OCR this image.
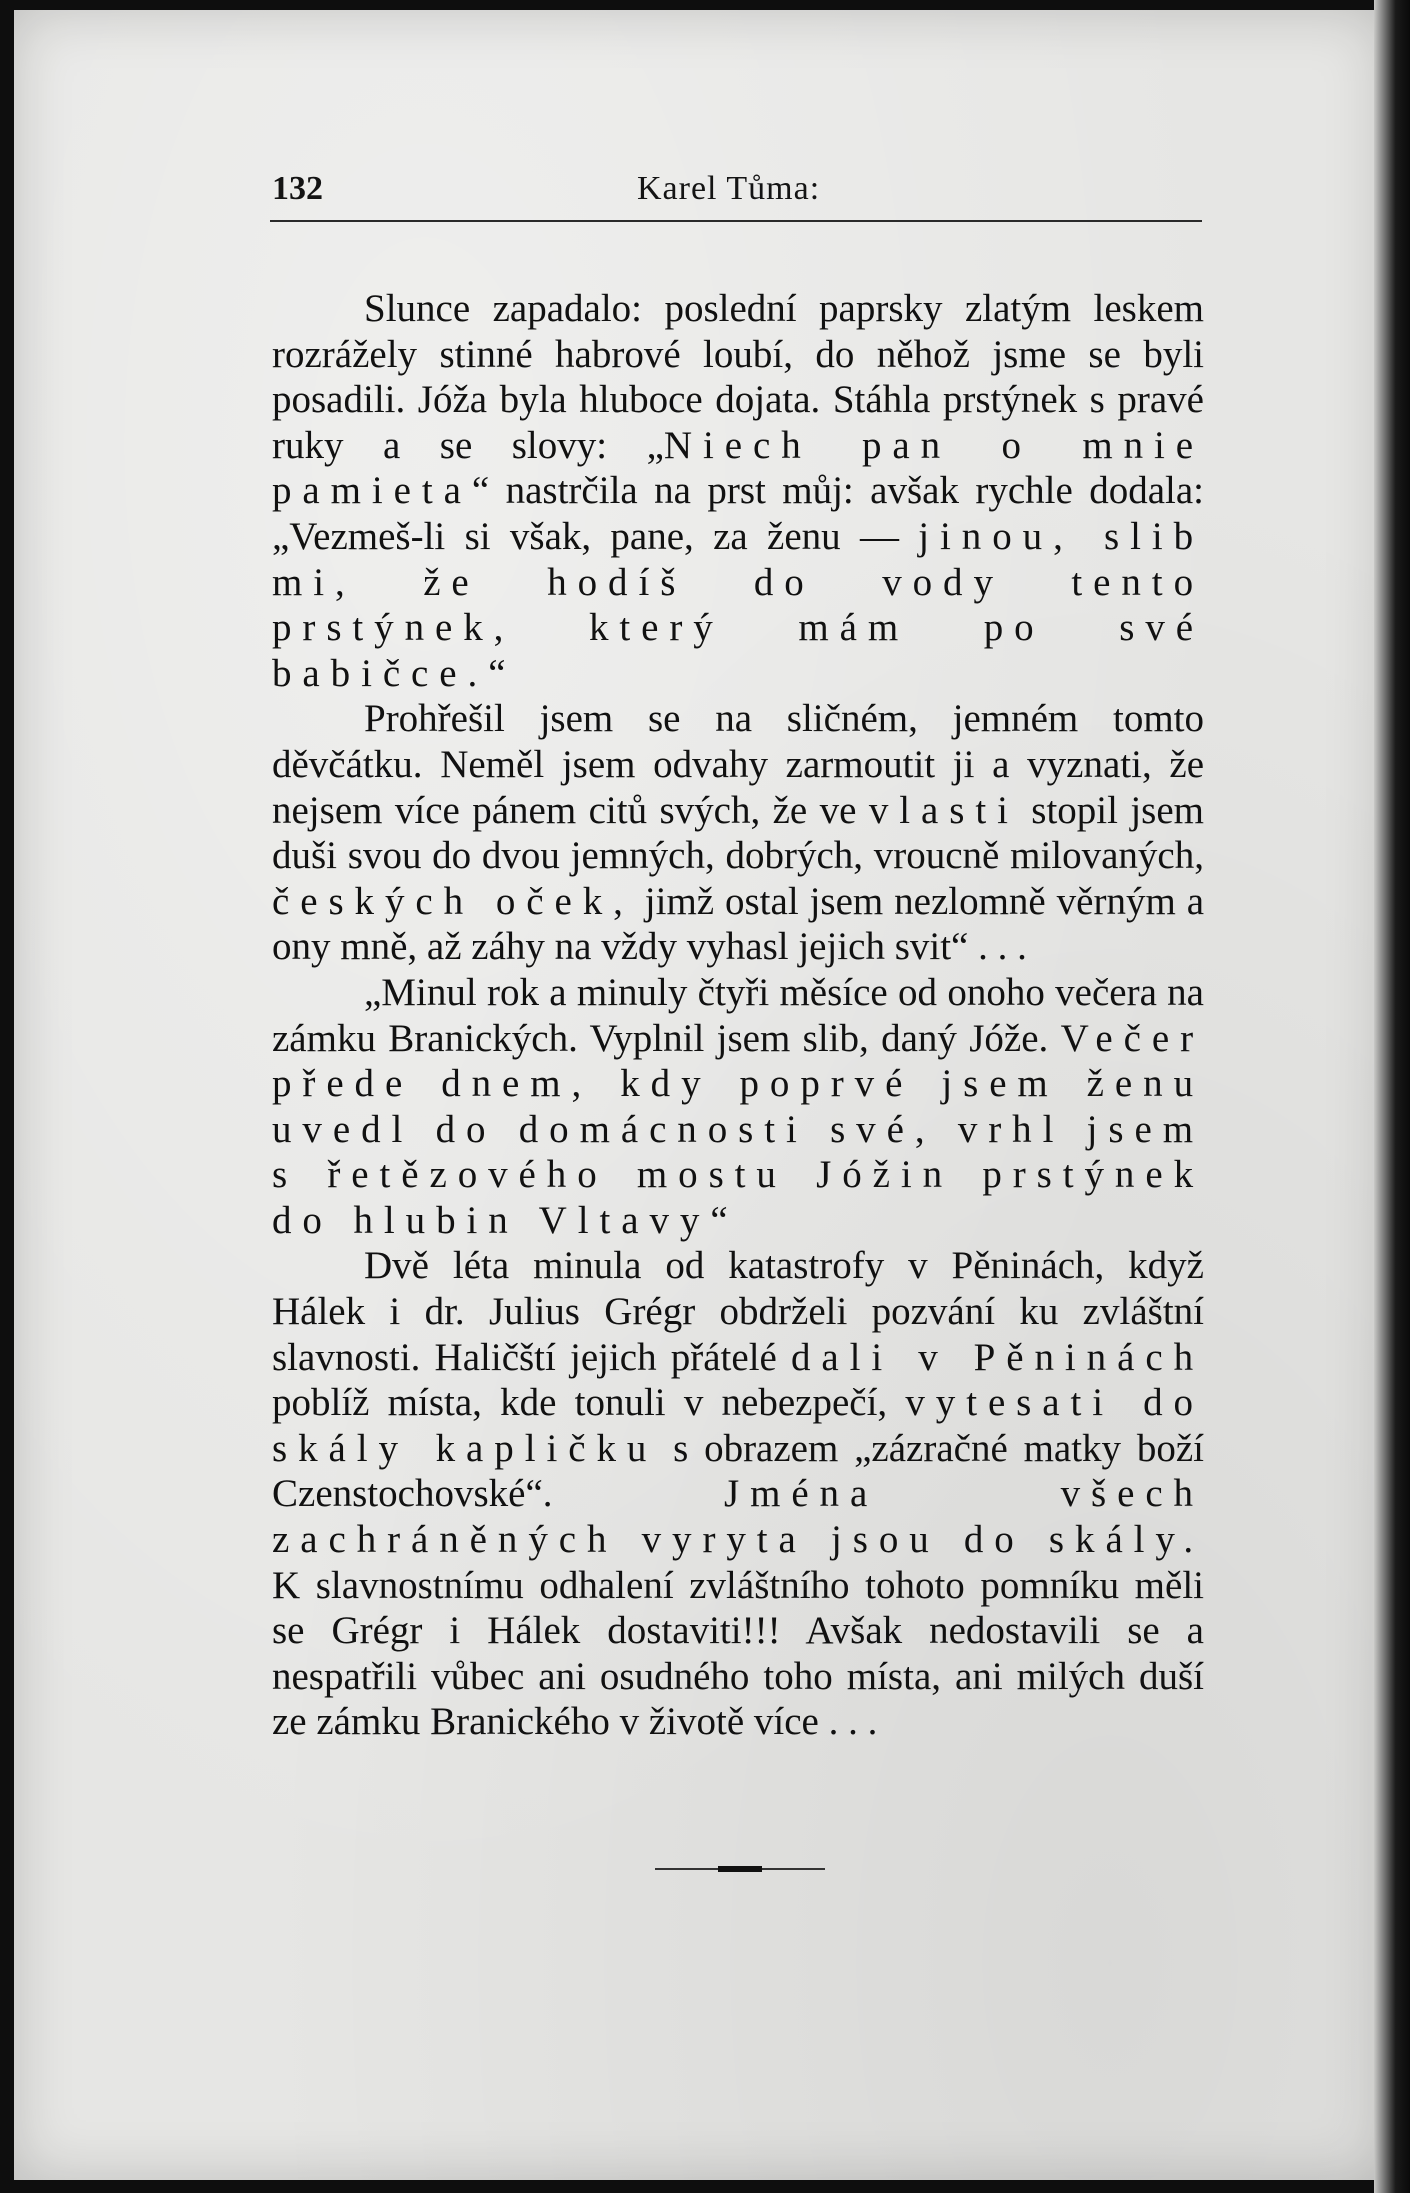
132	Karel Tůma:

Slunce zapadalo: poslední paprsky zlatým leskem rozrážely stinné habrové loubí, do něhož jsme se byli posadili. Jóža byla hluboce dojata. Stáhla prstýnek s pravé ruky a se slovy: „Niech pan o mnie pamieta“ nastrčila na prst můj: avšak rychle dodala: „Vezmeš-li si však, pane, za ženu — jinou, slib mi, že hodíš do vody tento prstýnek, který mám po své babičce.“

Prohřešil jsem se na sličném, jemném tomto děvčátku. Neměl jsem odvahy zarmoutit ji a vyznati, že nejsem více pánem citů svých, že ve vlasti stopil jsem duši svou do dvou jemných, dobrých, vroucně milovaných, českých oček, jimž ostal jsem nezlomně věrným a ony mně, až záhy na vždy vyhasl jejich svit“ . . .

„Minul rok a minuly čtyři měsíce od onoho večera na zámku Branických. Vyplnil jsem slib, daný Jóže. Večer přede dnem, kdy poprvé jsem ženu uvedl do domácnosti své, vrhl jsem s řetězového mostu Jóžin prstýnek do hlubin Vltavy“

Dvě léta minula od katastrofy v Pěninách, když Hálek i dr. Julius Grégr obdrželi pozvání ku zvláštní slavnosti. Haličští jejich přátelé dali v Pěninách poblíž místa, kde tonuli v nebezpečí, vytesati do skály kapličku s obrazem „zázračné matky boží Czenstochovské“. Jména všech zachráněných vyryta jsou do skály. K slavnostnímu odhalení zvláštního tohoto pomníku měli se Grégr i Hálek dostaviti!!! Avšak nedostavili se a nespatřili vůbec ani osudného toho místa, ani milých duší ze zámku Branického v životě více . . .
